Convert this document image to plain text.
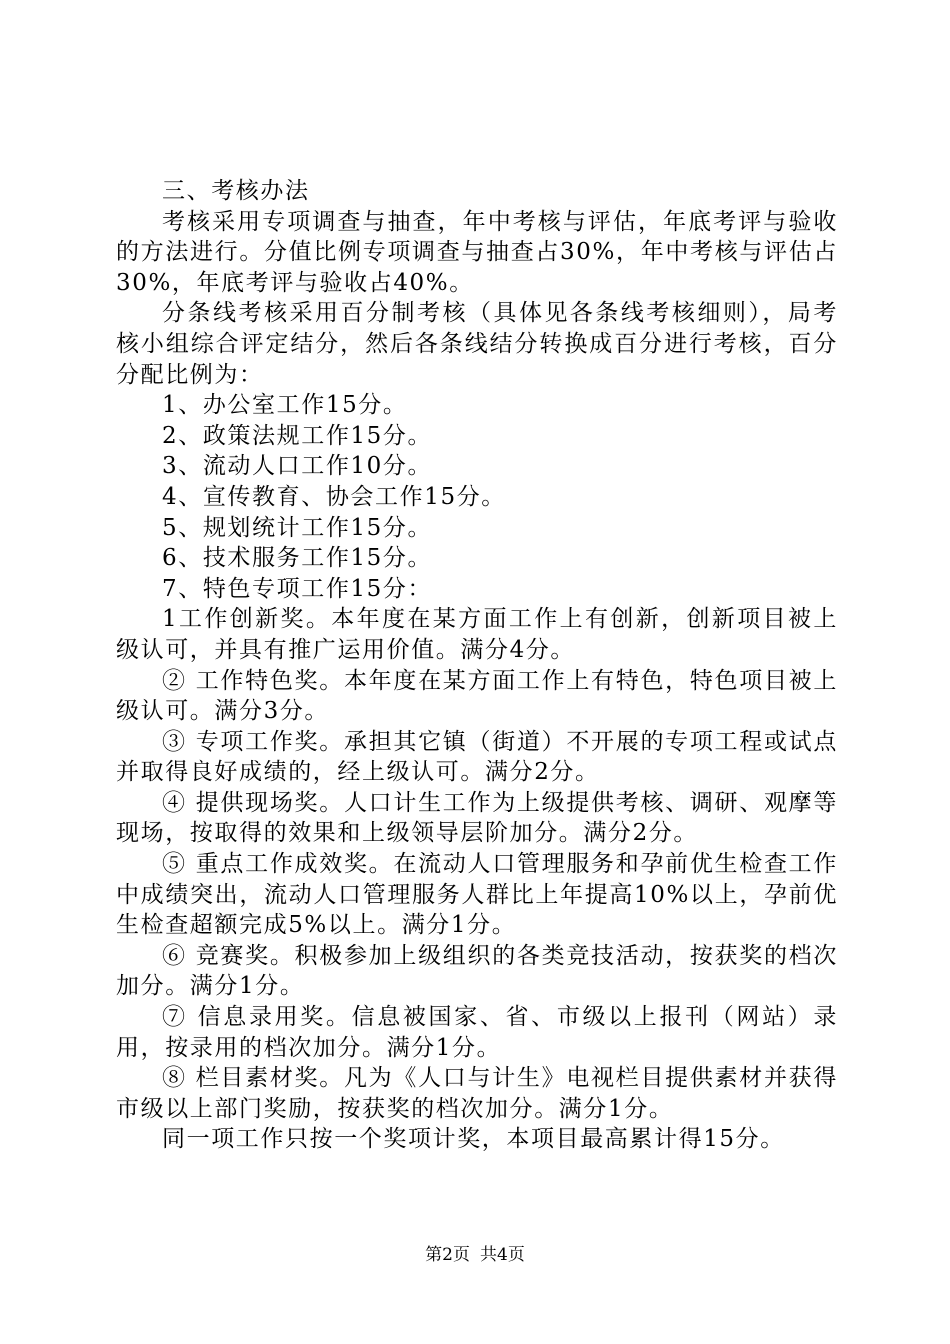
三、考核办法

考核采用专项调查与抽查，年中考核与评估，年底考评与验收的方法进行。分值比例专项调查与抽查占30%，年中考核与评估占30%，年底考评与验收占40%。

分条线考核采用百分制考核（具体见各条线考核细则），局考核小组综合评定结分，然后各条线结分转换成百分进行考核，百分分配比例为：

1、办公室工作15分。

2、政策法规工作15分。

3、流动人口工作10分。

4、宣传教育、协会工作15分。

5、规划统计工作15分。

6、技术服务工作15分。

7、特色专项工作15分：

1工作创新奖。本年度在某方面工作上有创新，创新项目被上级认可，并具有推广运用价值。满分4分。

② 工作特色奖。本年度在某方面工作上有特色，特色项目被上级认可。满分3分。

③ 专项工作奖。承担其它镇（街道）不开展的专项工程或试点并取得良好成绩的，经上级认可。满分2分。

④ 提供现场奖。人口计生工作为上级提供考核、调研、观摩等现场，按取得的效果和上级领导层阶加分。满分2分。

⑤ 重点工作成效奖。在流动人口管理服务和孕前优生检查工作中成绩突出，流动人口管理服务人群比上年提高10%以上，孕前优生检查超额完成5%以上。满分1分。

⑥ 竞赛奖。积极参加上级组织的各类竞技活动，按获奖的档次加分。满分1分。

⑦ 信息录用奖。信息被国家、省、市级以上报刊（网站）录用，按录用的档次加分。满分1分。

⑧ 栏目素材奖。凡为《人口与计生》电视栏目提供素材并获得市级以上部门奖励，按获奖的档次加分。满分1分。

同一项工作只按一个奖项计奖，本项目最高累计得15分。

第2页 共4页
